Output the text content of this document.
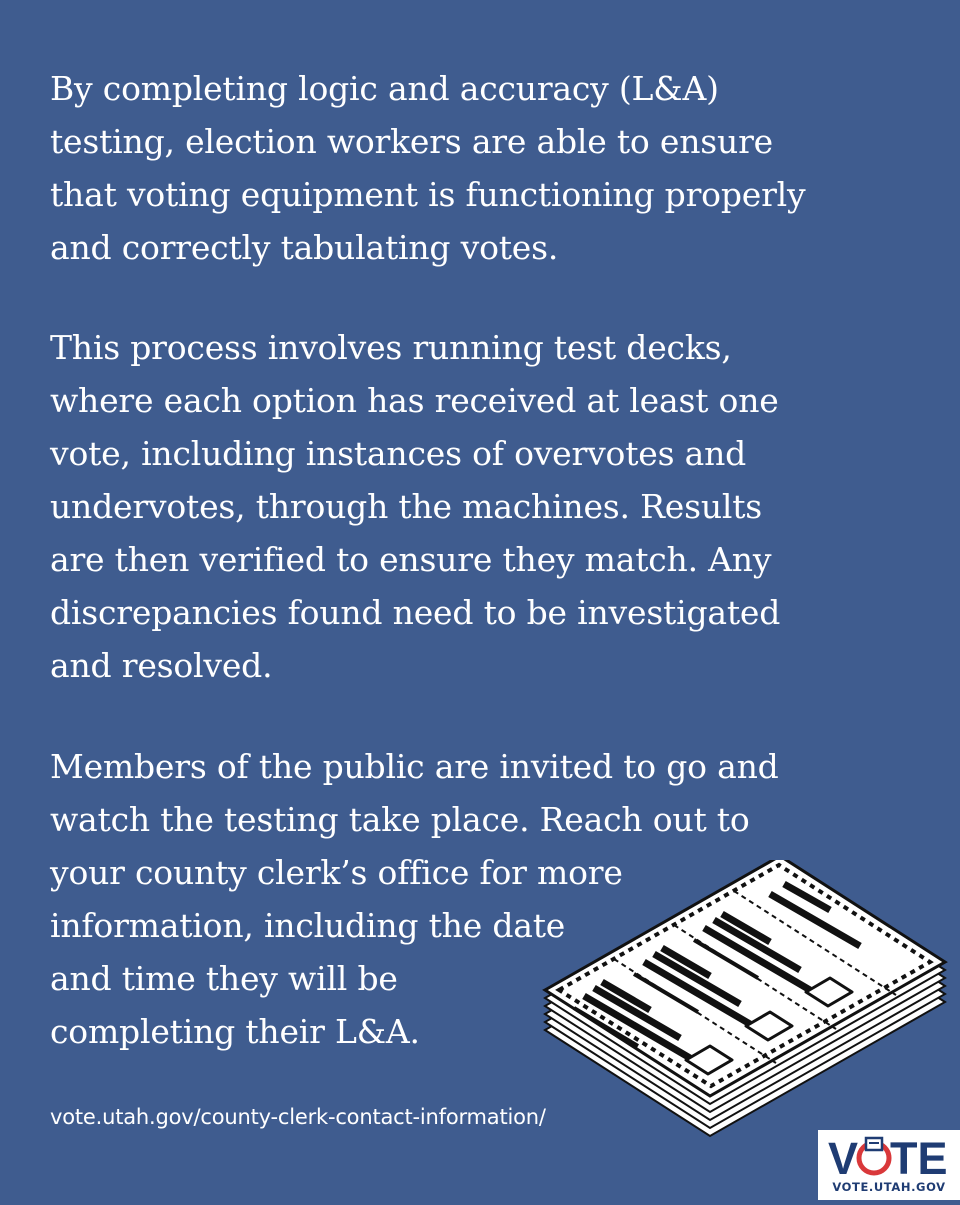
By completing logic and accuracy (L&A)
testing, election workers are able to ensure
that voting equipment is functioning properly
and correctly tabulating votes.

This process involves running test decks,
where each option has received at least one
vote, including instances of overvotes and
undervotes, through the machines. Results
are then verified to ensure they match. Any
discrepancies found need to be investigated
and resolved.

Members of the public are invited to go and
watch the testing take place. Reach out to
your county clerk’s office for more
information, including the date
and time they will be
completing their L&A.

vote.utah.gov/county-clerk-contact-information/
V TE
VOTE.UTAH.GOV
